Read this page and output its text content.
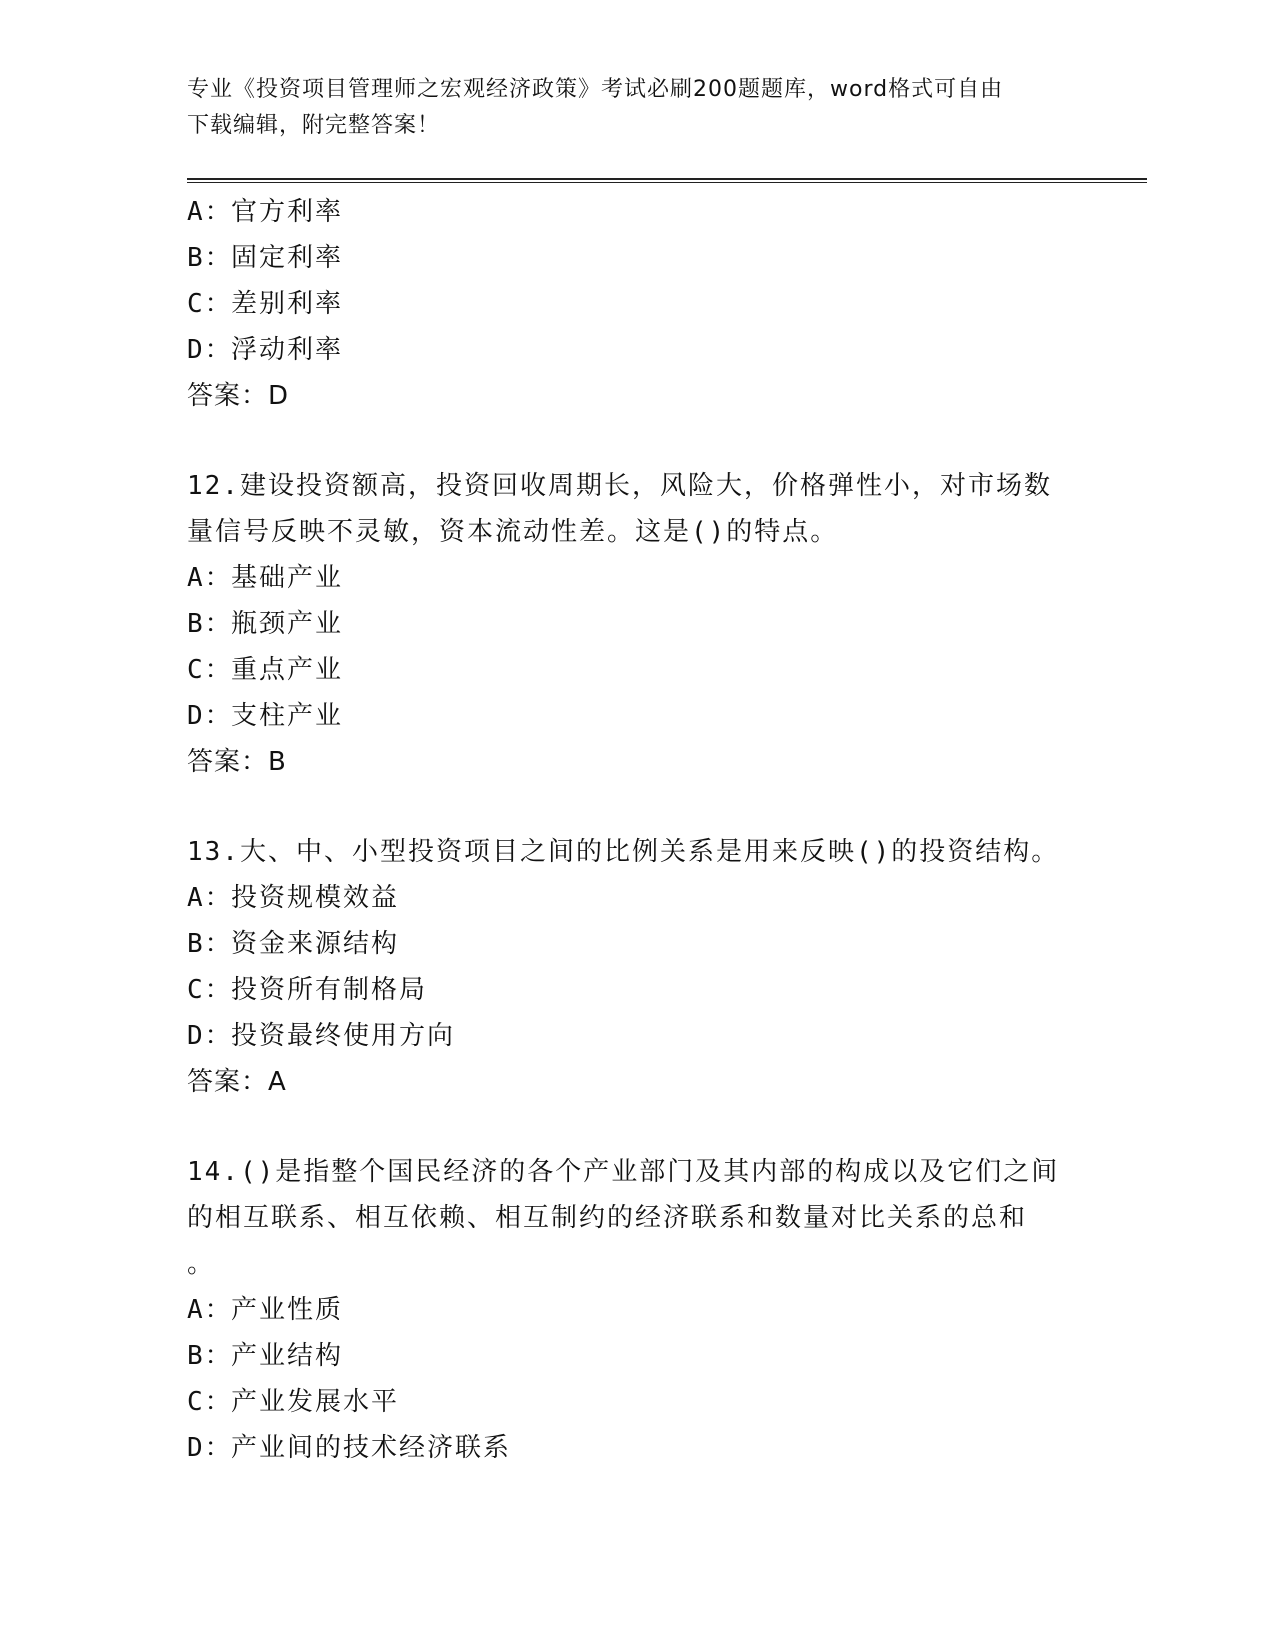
专业《投资项目管理师之宏观经济政策》考试必刷200题题库，word格式可自由
下载编辑，附完整答案！
A：官方利率
B：固定利率
C：差别利率
D：浮动利率
答案：D
12.建设投资额高，投资回收周期长，风险大，价格弹性小，对市场数
量信号反映不灵敏，资本流动性差。这是()的特点。
A：基础产业
B：瓶颈产业
C：重点产业
D：支柱产业
答案：B
13.大、中、小型投资项目之间的比例关系是用来反映()的投资结构。
A：投资规模效益
B：资金来源结构
C：投资所有制格局
D：投资最终使用方向
答案：A
14.()是指整个国民经济的各个产业部门及其内部的构成以及它们之间
的相互联系、相互依赖、相互制约的经济联系和数量对比关系的总和
。
A：产业性质
B：产业结构
C：产业发展水平
D：产业间的技术经济联系
